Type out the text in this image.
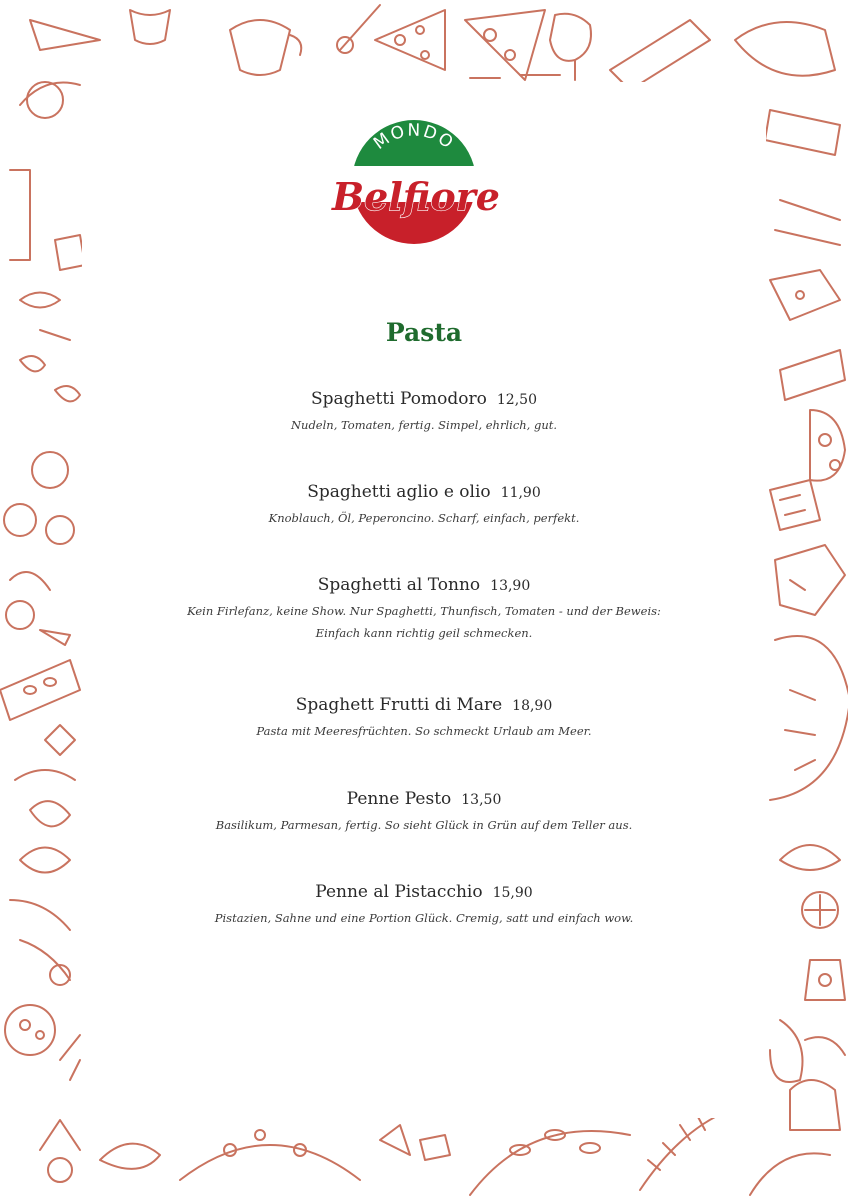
MONDO
Belfiore
Pasta
Spaghetti Pomodoro 12,50
Nudeln, Tomaten, fertig. Simpel, ehrlich, gut.
Spaghetti aglio e olio 11,90
Knoblauch, Öl, Peperoncino. Scharf, einfach, perfekt.
Spaghetti al Tonno 13,90
Kein Firlefanz, keine Show. Nur Spaghetti, Thunfisch, Tomaten - und der Beweis: Einfach kann richtig geil schmecken.
Spaghett Frutti di Mare 18,90
Pasta mit Meeresfrüchten. So schmeckt Urlaub am Meer.
Penne Pesto 13,50
Basilikum, Parmesan, fertig. So sieht Glück in Grün auf dem Teller aus.
Penne al Pistacchio 15,90
Pistazien, Sahne und eine Portion Glück. Cremig, satt und einfach wow.
